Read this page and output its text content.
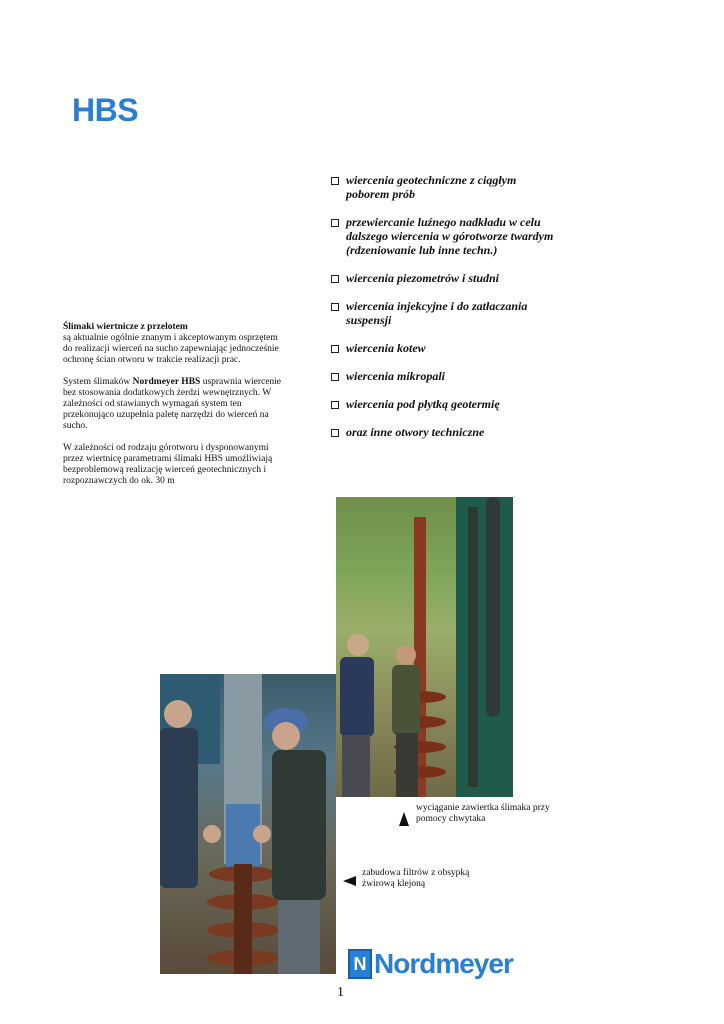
HBS
wiercenia geotechniczne z ciągłym
poborem prób
przewiercanie luźnego nadkładu w celu
dalszego wiercenia w górotworze twardym
(rdzeniowanie lub inne techn.)
wiercenia piezometrów i studni
wiercenia injekcyjne i do zatłaczania
suspensji
wiercenia kotew
wiercenia mikropali
wiercenia pod płytką geotermię
oraz inne otwory techniczne

Ślimaki wiertnicze z przelotem
są aktualnie ogólnie znanym i akceptowanym osprzętem do realizacji wierceń na sucho zapewniając jednocześnie ochronę ścian otworu w trakcie realizacji prac.

System ślimaków Nordmeyer HBS usprawnia wiercenie bez stosowania dodatkowych żerdzi wewnętrznych. W zależności od stawianych wymagań system ten przekonująco uzupełnia paletę narzędzi do wierceń na sucho.

W zależności od rodzaju górotworu i dysponowanymi przez wiertnicę parametrami ślimaki HBS umożliwiają bezproblemową realizację wierceń geotechnicznych i rozpoznawczych do ok. 30 m

wyciąganie zawiertka ślimaka przy pomocy chwytaka
zabudowa filtrów z obsypką żwirową klejoną
N Nordmeyer
1
